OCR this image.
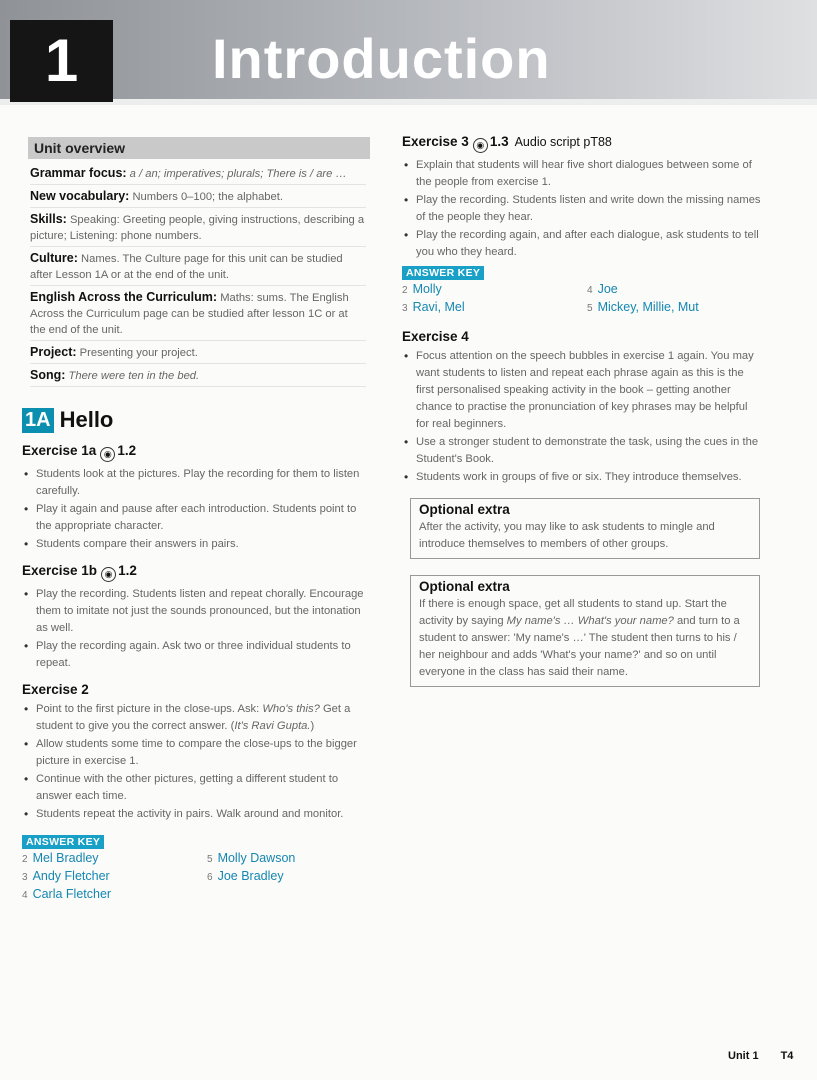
1	Introduction
Unit overview

Grammar focus: a / an; imperatives; plurals; There is / are …

New vocabulary: Numbers 0–100; the alphabet.

Skills: Speaking: Greeting people, giving instructions, describing a picture; Listening: phone numbers.

Culture: Names. The Culture page for this unit can be studied after Lesson 1A or at the end of the unit.

English Across the Curriculum: Maths: sums. The English Across the Curriculum page can be studied after lesson 1C or at the end of the unit.

Project: Presenting your project.

Song: There were ten in the bed.

1A Hello
Exercise 1a ◉ 1.2
• Students look at the pictures. Play the recording for them to listen carefully.
• Play it again and pause after each introduction. Students point to the appropriate character.
• Students compare their answers in pairs.
Exercise 1b ◉ 1.2
• Play the recording. Students listen and repeat chorally. Encourage them to imitate not just the sounds pronounced, but the intonation as well.
• Play the recording again. Ask two or three individual students to repeat.
Exercise 2
• Point to the first picture in the close-ups. Ask: Who's this? Get a student to give you the correct answer. (It's Ravi Gupta.)
• Allow students some time to compare the close-ups to the bigger picture in exercise 1.
• Continue with the other pictures, getting a different student to answer each time.
• Students repeat the activity in pairs. Walk around and monitor.
ANSWER KEY
2 Mel Bradley	5 Molly Dawson
3 Andy Fletcher	6 Joe Bradley
4 Carla Fletcher
Exercise 3 ◉ 1.3 Audio script pT88
• Explain that students will hear five short dialogues between some of the people from exercise 1.
• Play the recording. Students listen and write down the missing names of the people they hear.
• Play the recording again, and after each dialogue, ask students to tell you who they heard.
ANSWER KEY
2 Molly	4 Joe
3 Ravi, Mel	5 Mickey, Millie, Mut
Exercise 4
• Focus attention on the speech bubbles in exercise 1 again. You may want students to listen and repeat each phrase again as this is the first personalised speaking activity in the book – getting another chance to practise the pronunciation of key phrases may be helpful for real beginners.
• Use a stronger student to demonstrate the task, using the cues in the Student's Book.
• Students work in groups of five or six. They introduce themselves.
Optional extra
After the activity, you may like to ask students to mingle and introduce themselves to members of other groups.
Optional extra
If there is enough space, get all students to stand up. Start the activity by saying My name's … What's your name? and turn to a student to answer: 'My name's …' The student then turns to his / her neighbour and adds 'What's your name?' and so on until everyone in the class has said their name.
Unit 1 T4
